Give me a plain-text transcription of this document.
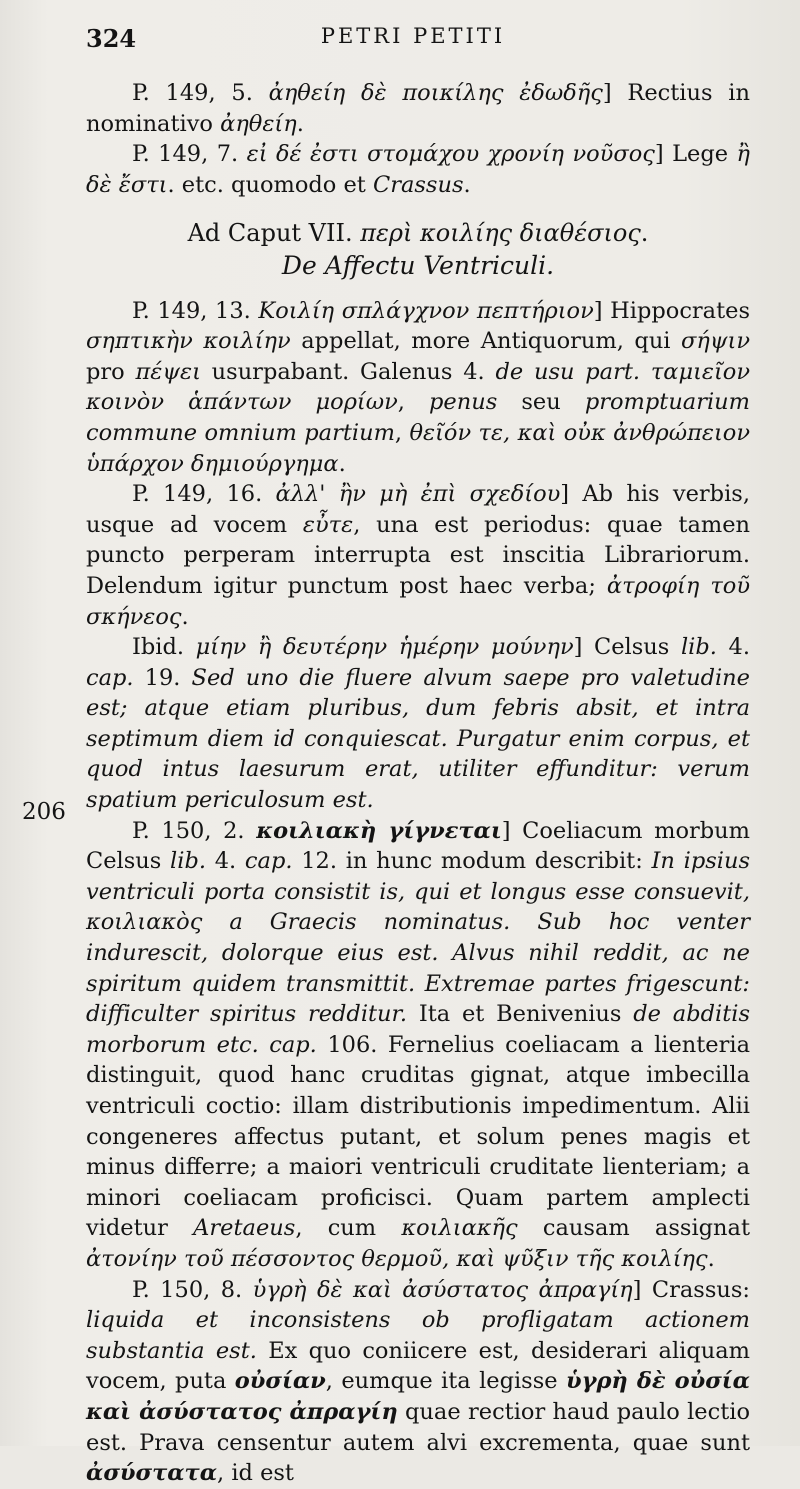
324	PETRI PETITI
206

P. 149, 5. ἀηθείη δὲ ποικίλης ἐδωδῆς] Rectius in nominativo ἀηθείη.

P. 149, 7. εἰ δέ ἐστι στομάχου χρονίη νοῦσος] Lege ἢ δὲ ἔστι. etc. quomodo et Crassus.

Ad Caput VII. περὶ κοιλίης διαθέσιος.

De Affectu Ventriculi.

P. 149, 13. Κοιλίη σπλάγχνον πεπτήριον] Hippocrates σηπτικὴν κοιλίην appellat, more Antiquorum, qui σήψιν pro πέψει usurpabant. Galenus 4. de usu part. ταμιεῖον κοινὸν ἁπάντων μορίων, penus seu promptuarium commune omnium partium, θεῖόν τε, καὶ οὐκ ἀνθρώπειον ὑπάρχον δημιούργημα.

P. 149, 16. ἀλλ' ἢν μὴ ἐπὶ σχεδίου] Ab his verbis, usque ad vocem εὖτε, una est periodus: quae tamen puncto perperam interrupta est inscitia Librariorum. Delendum igitur punctum post haec verba; ἀτροφίη τοῦ σκήνεος.

Ibid. μίην ἢ δευτέρην ἡμέρην μούνην] Celsus lib. 4. cap. 19. Sed uno die fluere alvum saepe pro valetudine est; atque etiam pluribus, dum febris absit, et intra septimum diem id conquiescat. Purgatur enim corpus, et quod intus laesurum erat, utiliter effunditur: verum spatium periculosum est.

P. 150, 2. κοιλιακὴ γίγνεται] Coeliacum morbum Celsus lib. 4. cap. 12. in hunc modum describit: In ipsius ventriculi porta consistit is, qui et longus esse consuevit, κοιλιακὸς a Graecis nominatus. Sub hoc venter indurescit, dolorque eius est. Alvus nihil reddit, ac ne spiritum quidem transmittit. Extremae partes frigescunt: difficulter spiritus redditur. Ita et Benivenius de abditis morborum etc. cap. 106. Fernelius coeliacam a lienteria distinguit, quod hanc cruditas gignat, atque imbecilla ventriculi coctio: illam distributionis impedimentum. Alii congeneres affectus putant, et solum penes magis et minus differre; a maiori ventriculi cruditate lienteriam; a minori coeliacam proficisci. Quam partem amplecti videtur Aretaeus, cum κοιλιακῆς causam assignat ἀτονίην τοῦ πέσσοντος θερμοῦ, καὶ ψῦξιν τῆς κοιλίης.

P. 150, 8. ὑγρὴ δὲ καὶ ἀσύστατος ἀπραγίη] Crassus: liquida et inconsistens ob profligatam actionem substantia est. Ex quo coniicere est, desiderari aliquam vocem, puta οὐσίαν, eumque ita legisse ὑγρὴ δὲ οὐσία καὶ ἀσύστατος ἀπραγίη quae rectior haud paulo lectio est. Prava censentur autem alvi excrementa, quae sunt ἀσύστατα, id est
